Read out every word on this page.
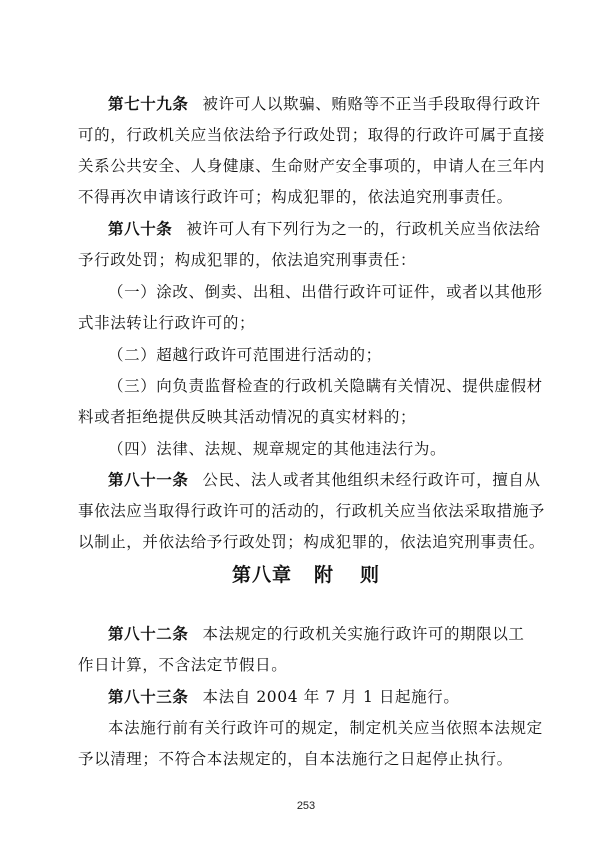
第七十九条 被许可人以欺骗、贿赂等不正当手段取得行政许
可的，行政机关应当依法给予行政处罚；取得的行政许可属于直接
关系公共安全、人身健康、生命财产安全事项的，申请人在三年内
不得再次申请该行政许可；构成犯罪的，依法追究刑事责任。
第八十条 被许可人有下列行为之一的，行政机关应当依法给
予行政处罚；构成犯罪的，依法追究刑事责任：
（一）涂改、倒卖、出租、出借行政许可证件，或者以其他形
式非法转让行政许可的；
（二）超越行政许可范围进行活动的；
（三）向负责监督检查的行政机关隐瞒有关情况、提供虚假材
料或者拒绝提供反映其活动情况的真实材料的；
（四）法律、法规、规章规定的其他违法行为。
第八十一条 公民、法人或者其他组织未经行政许可，擅自从
事依法应当取得行政许可的活动的，行政机关应当依法采取措施予
以制止，并依法给予行政处罚；构成犯罪的，依法追究刑事责任。
第八章 附 则
第八十二条 本法规定的行政机关实施行政许可的期限以工
作日计算，不含法定节假日。
第八十三条 本法自 2004 年 7 月 1 日起施行。
本法施行前有关行政许可的规定，制定机关应当依照本法规定
予以清理；不符合本法规定的，自本法施行之日起停止执行。
253
